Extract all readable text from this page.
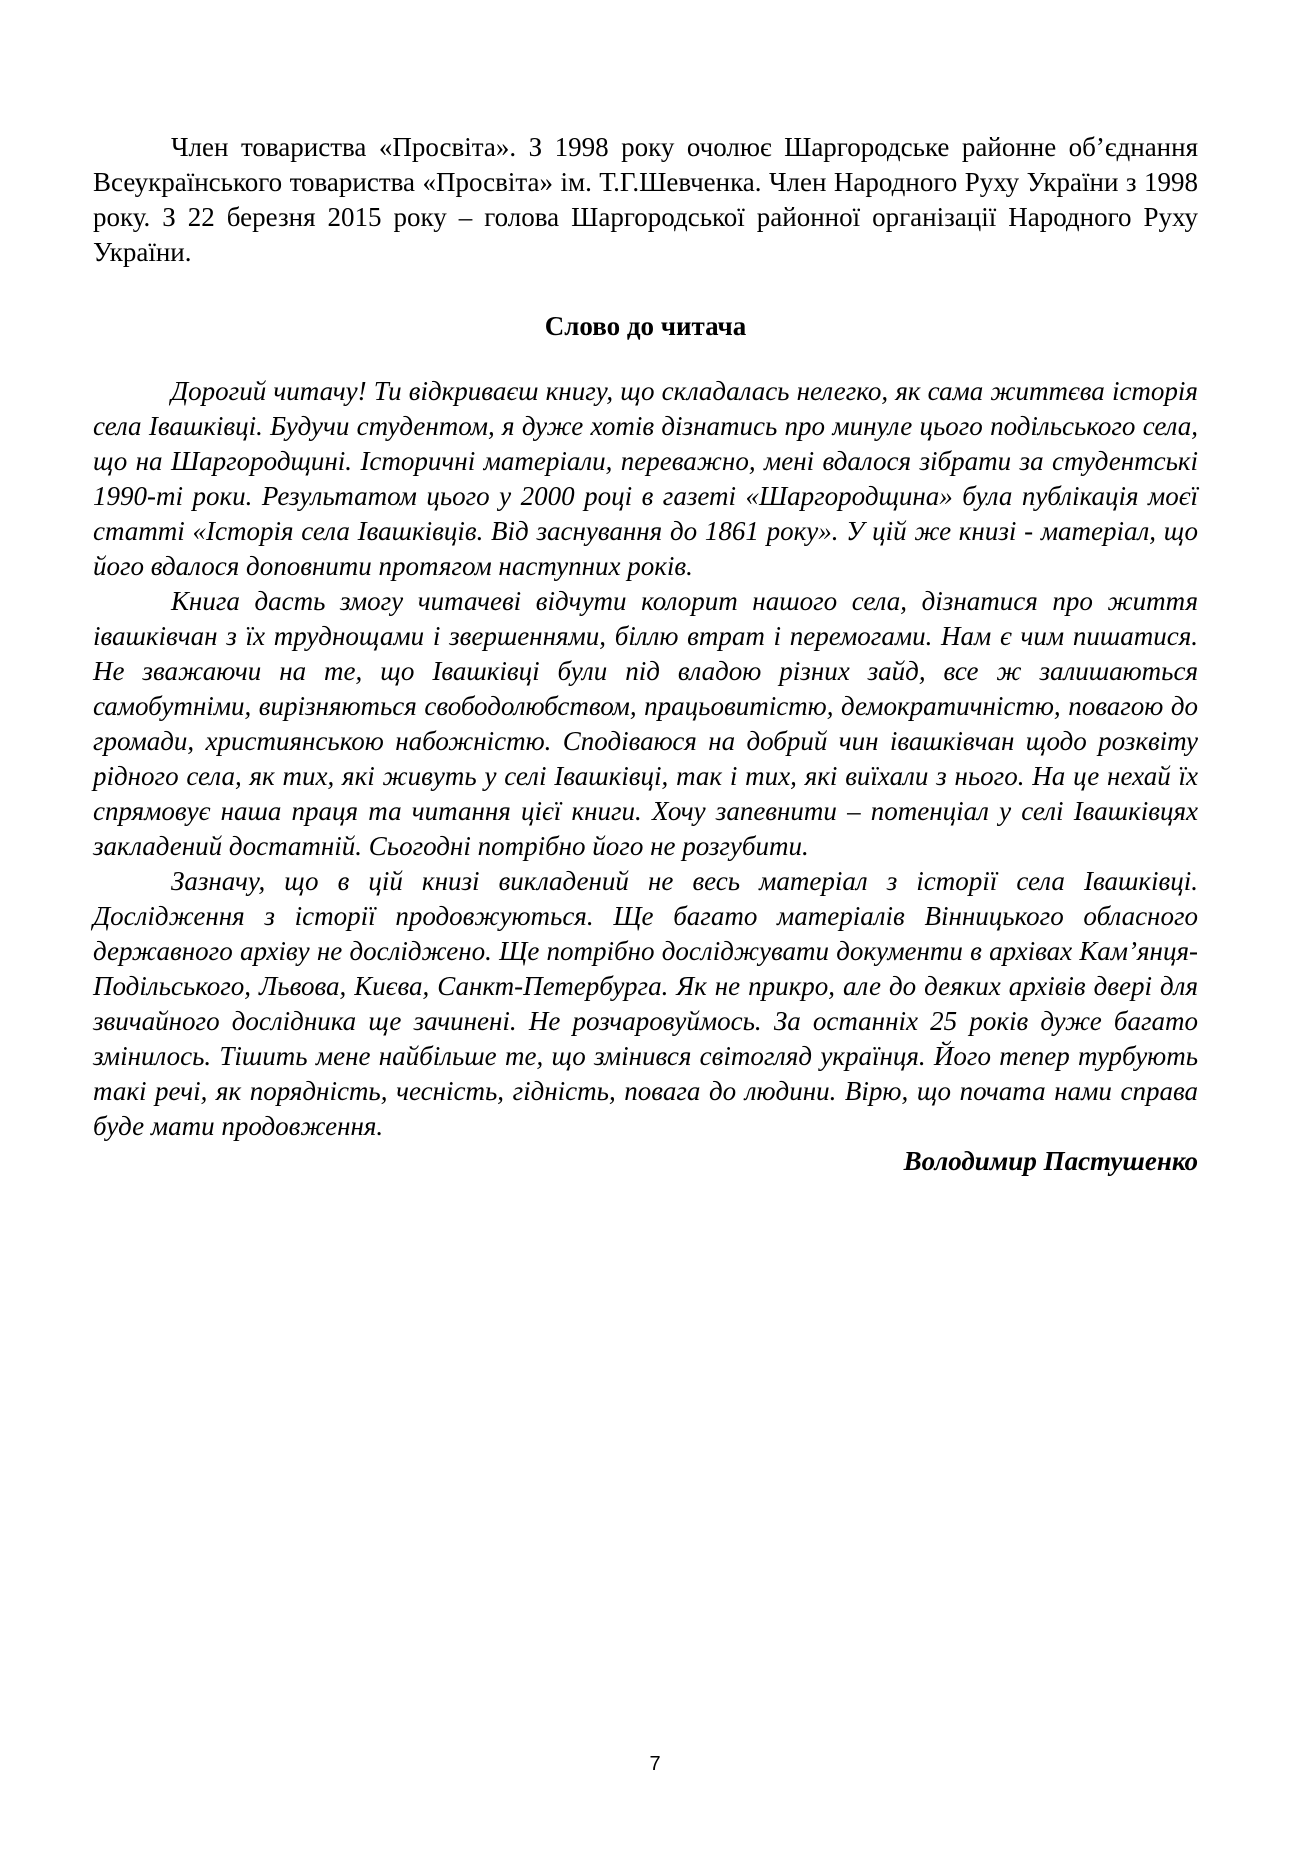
Член товариства «Просвіта». З 1998 року очолює Шаргородське районне об’єднання Всеукраїнського товариства «Просвіта» ім. Т.Г.Шевченка. Член Народного Руху України з 1998 року. З 22 березня 2015 року – голова Шаргородської районної організації Народного Руху України.

Слово до читача

Дорогий читачу! Ти відкриваєш книгу, що складалась нелегко, як сама життєва історія села Івашківці. Будучи студентом, я дуже хотів дізнатись про минуле цього подільського села, що на Шаргородщині. Історичні матеріали, переважно, мені вдалося зібрати за студентські 1990-ті роки. Результатом цього у 2000 році в газеті «Шаргородщина» була публікація моєї статті «Історія села Івашківців. Від заснування до 1861 року». У цій же книзі - матеріал, що його вдалося доповнити протягом наступних років.

Книга дасть змогу читачеві відчути колорит нашого села, дізнатися про життя івашківчан з їх труднощами і звершеннями, біллю втрат і перемогами. Нам є чим пишатися. Не зважаючи на те, що Івашківці були під владою різних зайд, все ж залишаються самобутніми, вирізняються свободолюбством, працьовитістю, демократичністю, повагою до громади, християнською набожністю. Сподіваюся на добрий чин івашківчан щодо розквіту рідного села, як тих, які живуть у селі Івашківці, так і тих, які виїхали з нього. На це нехай їх спрямовує наша праця та читання цієї книги. Хочу запевнити – потенціал у селі Івашківцях закладений достатній. Сьогодні потрібно його не розгубити.

Зазначу, що в цій книзі викладений не весь матеріал з історії села Івашківці. Дослідження з історії продовжуються. Ще багато матеріалів Вінницького обласного державного архіву не досліджено. Ще потрібно досліджувати документи в архівах Кам’янця-Подільського, Львова, Києва, Санкт-Петербурга. Як не прикро, але до деяких архівів двері для звичайного дослідника ще зачинені. Не розчаровуймось. За останніх 25 років дуже багато змінилось. Тішить мене найбільше те, що змінився світогляд українця. Його тепер турбують такі речі, як порядність, чесність, гідність, повага до людини. Вірю, що почата нами справа буде мати продовження.

Володимир Пастушенко
7
